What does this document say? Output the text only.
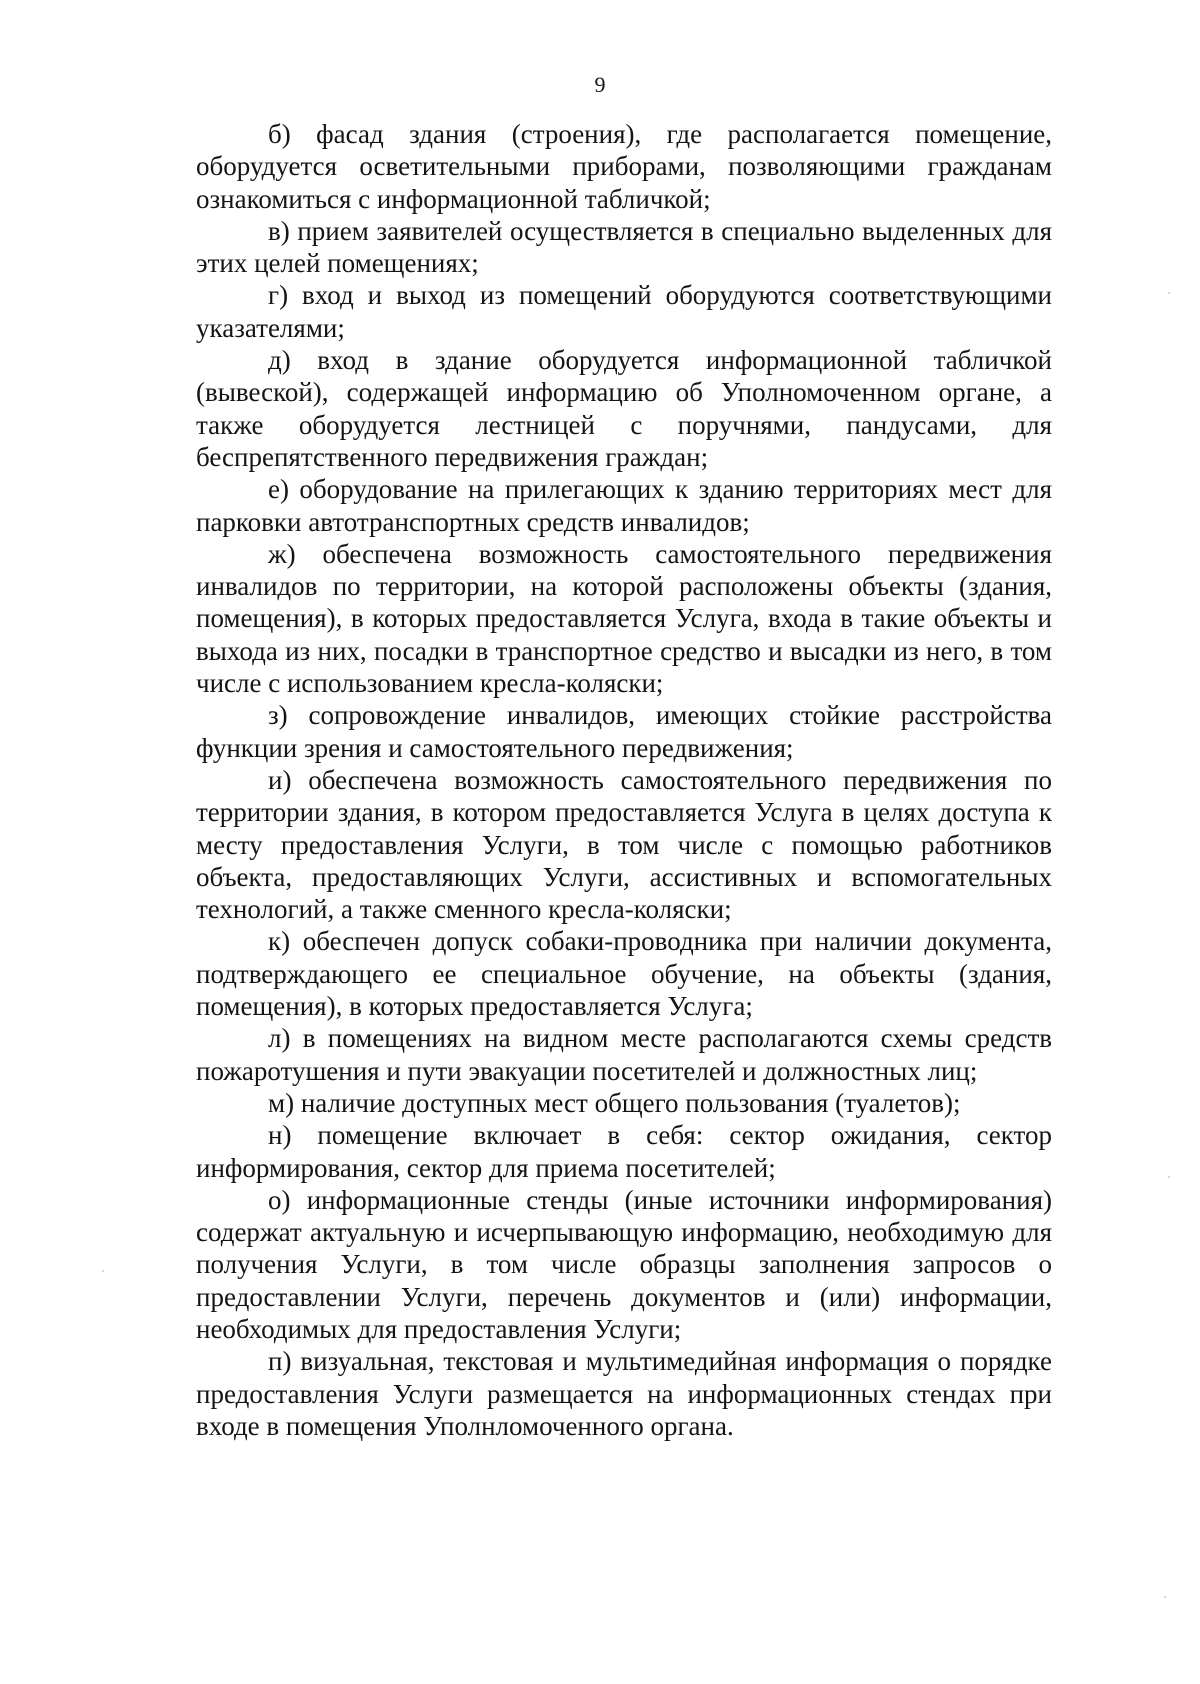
9

б) фасад здания (строения), где располагается помещение, оборудуется осветительными приборами, позволяющими гражданам ознакомиться с информационной табличкой;

в) прием заявителей осуществляется в специально выделенных для этих целей помещениях;

г) вход и выход из помещений оборудуются соответствующими указателями;

д) вход в здание оборудуется информационной табличкой (вывеской), содержащей информацию об Уполномоченном органе, а также оборудуется лестницей с поручнями, пандусами, для беспрепятственного передвижения граждан;

е) оборудование на прилегающих к зданию территориях мест для парковки автотранспортных средств инвалидов;

ж) обеспечена возможность самостоятельного передвижения инвалидов по территории, на которой расположены объекты (здания, помещения), в которых предоставляется Услуга, входа в такие объекты и выхода из них, посадки в транспортное средство и высадки из него, в том числе с использованием кресла-коляски;

з) сопровождение инвалидов, имеющих стойкие расстройства функции зрения и самостоятельного передвижения;

и) обеспечена возможность самостоятельного передвижения по территории здания, в котором предоставляется Услуга в целях доступа к месту предоставления Услуги, в том числе с помощью работников объекта, предоставляющих Услуги, ассистивных и вспомогательных технологий, а также сменного кресла-коляски;

к) обеспечен допуск собаки-проводника при наличии документа, подтверждающего ее специальное обучение, на объекты (здания, помещения), в которых предоставляется Услуга;

л) в помещениях на видном месте располагаются схемы средств пожаротушения и пути эвакуации посетителей и должностных лиц;

м) наличие доступных мест общего пользования (туалетов);

н) помещение включает в себя: сектор ожидания, сектор информирования, сектор для приема посетителей;

о) информационные стенды (иные источники информирования) содержат актуальную и исчерпывающую информацию, необходимую для получения Услуги, в том числе образцы заполнения запросов о предоставлении Услуги, перечень документов и (или) информации, необходимых для предоставления Услуги;

п) визуальная, текстовая и мультимедийная информация о порядке предоставления Услуги размещается на информационных стендах при входе в помещения Уполнломоченного органа.
